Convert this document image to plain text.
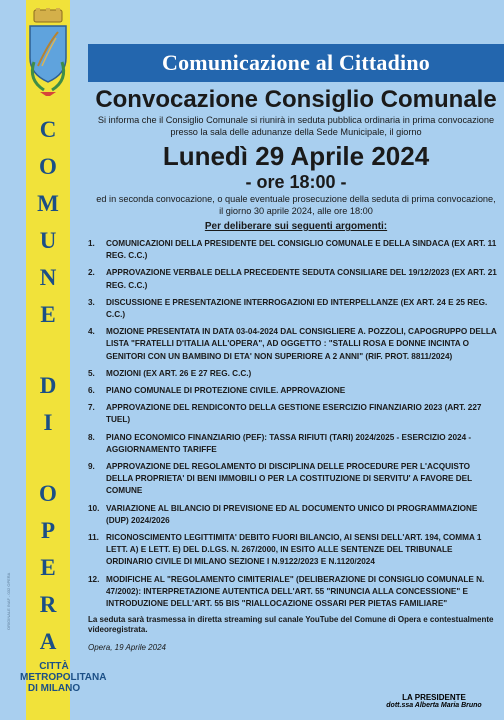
C
O
M
U
N
E
D
I
O
P
E
R
A
ORIGINALE INAF - 032 OPERA
CITTÀ
METROPOLITANA
DI MILANO
Comunicazione al Cittadino
Convocazione Consiglio Comunale

Si informa che il Consiglio Comunale si riunirà in seduta pubblica ordinaria in prima convocazione presso la sala delle adunanze della Sede Municipale, il giorno

Lunedì 29 Aprile 2024

- ore 18:00 -

ed in seconda convocazione, o quale eventuale prosecuzione della seduta di prima convocazione, il giorno 30 aprile 2024, alle ore 18:00

Per deliberare sui seguenti argomenti:

1.	COMUNICAZIONI DELLA PRESIDENTE DEL CONSIGLIO COMUNALE E DELLA SINDACA (EX ART. 11 REG. C.C.)
2.	APPROVAZIONE VERBALE DELLA PRECEDENTE SEDUTA CONSILIARE DEL 19/12/2023 (EX ART. 21 REG. C.C.)
3.	DISCUSSIONE E PRESENTAZIONE INTERROGAZIONI ED INTERPELLANZE (EX ART. 24 E 25 REG. C.C.)
4.	MOZIONE PRESENTATA IN DATA 03-04-2024 DAL CONSIGLIERE A. POZZOLI, CAPOGRUPPO DELLA LISTA "FRATELLI D'ITALIA ALL'OPERA", AD OGGETTO : "STALLI ROSA E DONNE INCINTA O GENITORI CON UN BAMBINO DI ETA' NON SUPERIORE A 2 ANNI" (RIF. PROT. 8811/2024)
5.	MOZIONI (EX ART. 26 E 27 REG. C.C.)
6.	PIANO COMUNALE DI PROTEZIONE CIVILE. APPROVAZIONE
7.	APPROVAZIONE DEL RENDICONTO DELLA GESTIONE ESERCIZIO FINANZIARIO 2023 (ART. 227 TUEL)
8.	PIANO ECONOMICO FINANZIARIO (PEF): TASSA RIFIUTI (TARI) 2024/2025 - ESERCIZIO 2024 - AGGIORNAMENTO TARIFFE
9.	APPROVAZIONE DEL REGOLAMENTO DI DISCIPLINA DELLE PROCEDURE PER L'ACQUISTO DELLA PROPRIETA' DI BENI IMMOBILI O PER LA COSTITUZIONE DI SERVITU' A FAVORE DEL COMUNE
10. VARIAZIONE AL BILANCIO DI PREVISIONE ED AL DOCUMENTO UNICO DI PROGRAMMAZIONE (DUP) 2024/2026
11. RICONOSCIMENTO LEGITTIMITA' DEBITO FUORI BILANCIO, AI SENSI DELL'ART. 194, COMMA 1 LETT. A) E LETT. E) DEL D.LGS. N. 267/2000, IN ESITO ALLE SENTENZE DEL TRIBUNALE ORDINARIO CIVILE DI MILANO SEZIONE I N.9122/2023 E N.1120/2024
12. MODIFICHE AL "REGOLAMENTO CIMITERIALE" (DELIBERAZIONE DI CONSIGLIO COMUNALE N. 47/2002): INTERPRETAZIONE AUTENTICA DELL'ART. 55 "RINUNCIA ALLA CONCESSIONE" E INTRODUZIONE DELL'ART. 55 BIS "RIALLOCAZIONE OSSARI PER PIETAS FAMILIARE"

La seduta sarà trasmessa in diretta streaming sul canale YouTube del Comune di Opera e contestualmente videoregistrata.

Opera, 19 Aprile 2024
LA PRESIDENTE
dott.ssa Alberta Maria Bruno
